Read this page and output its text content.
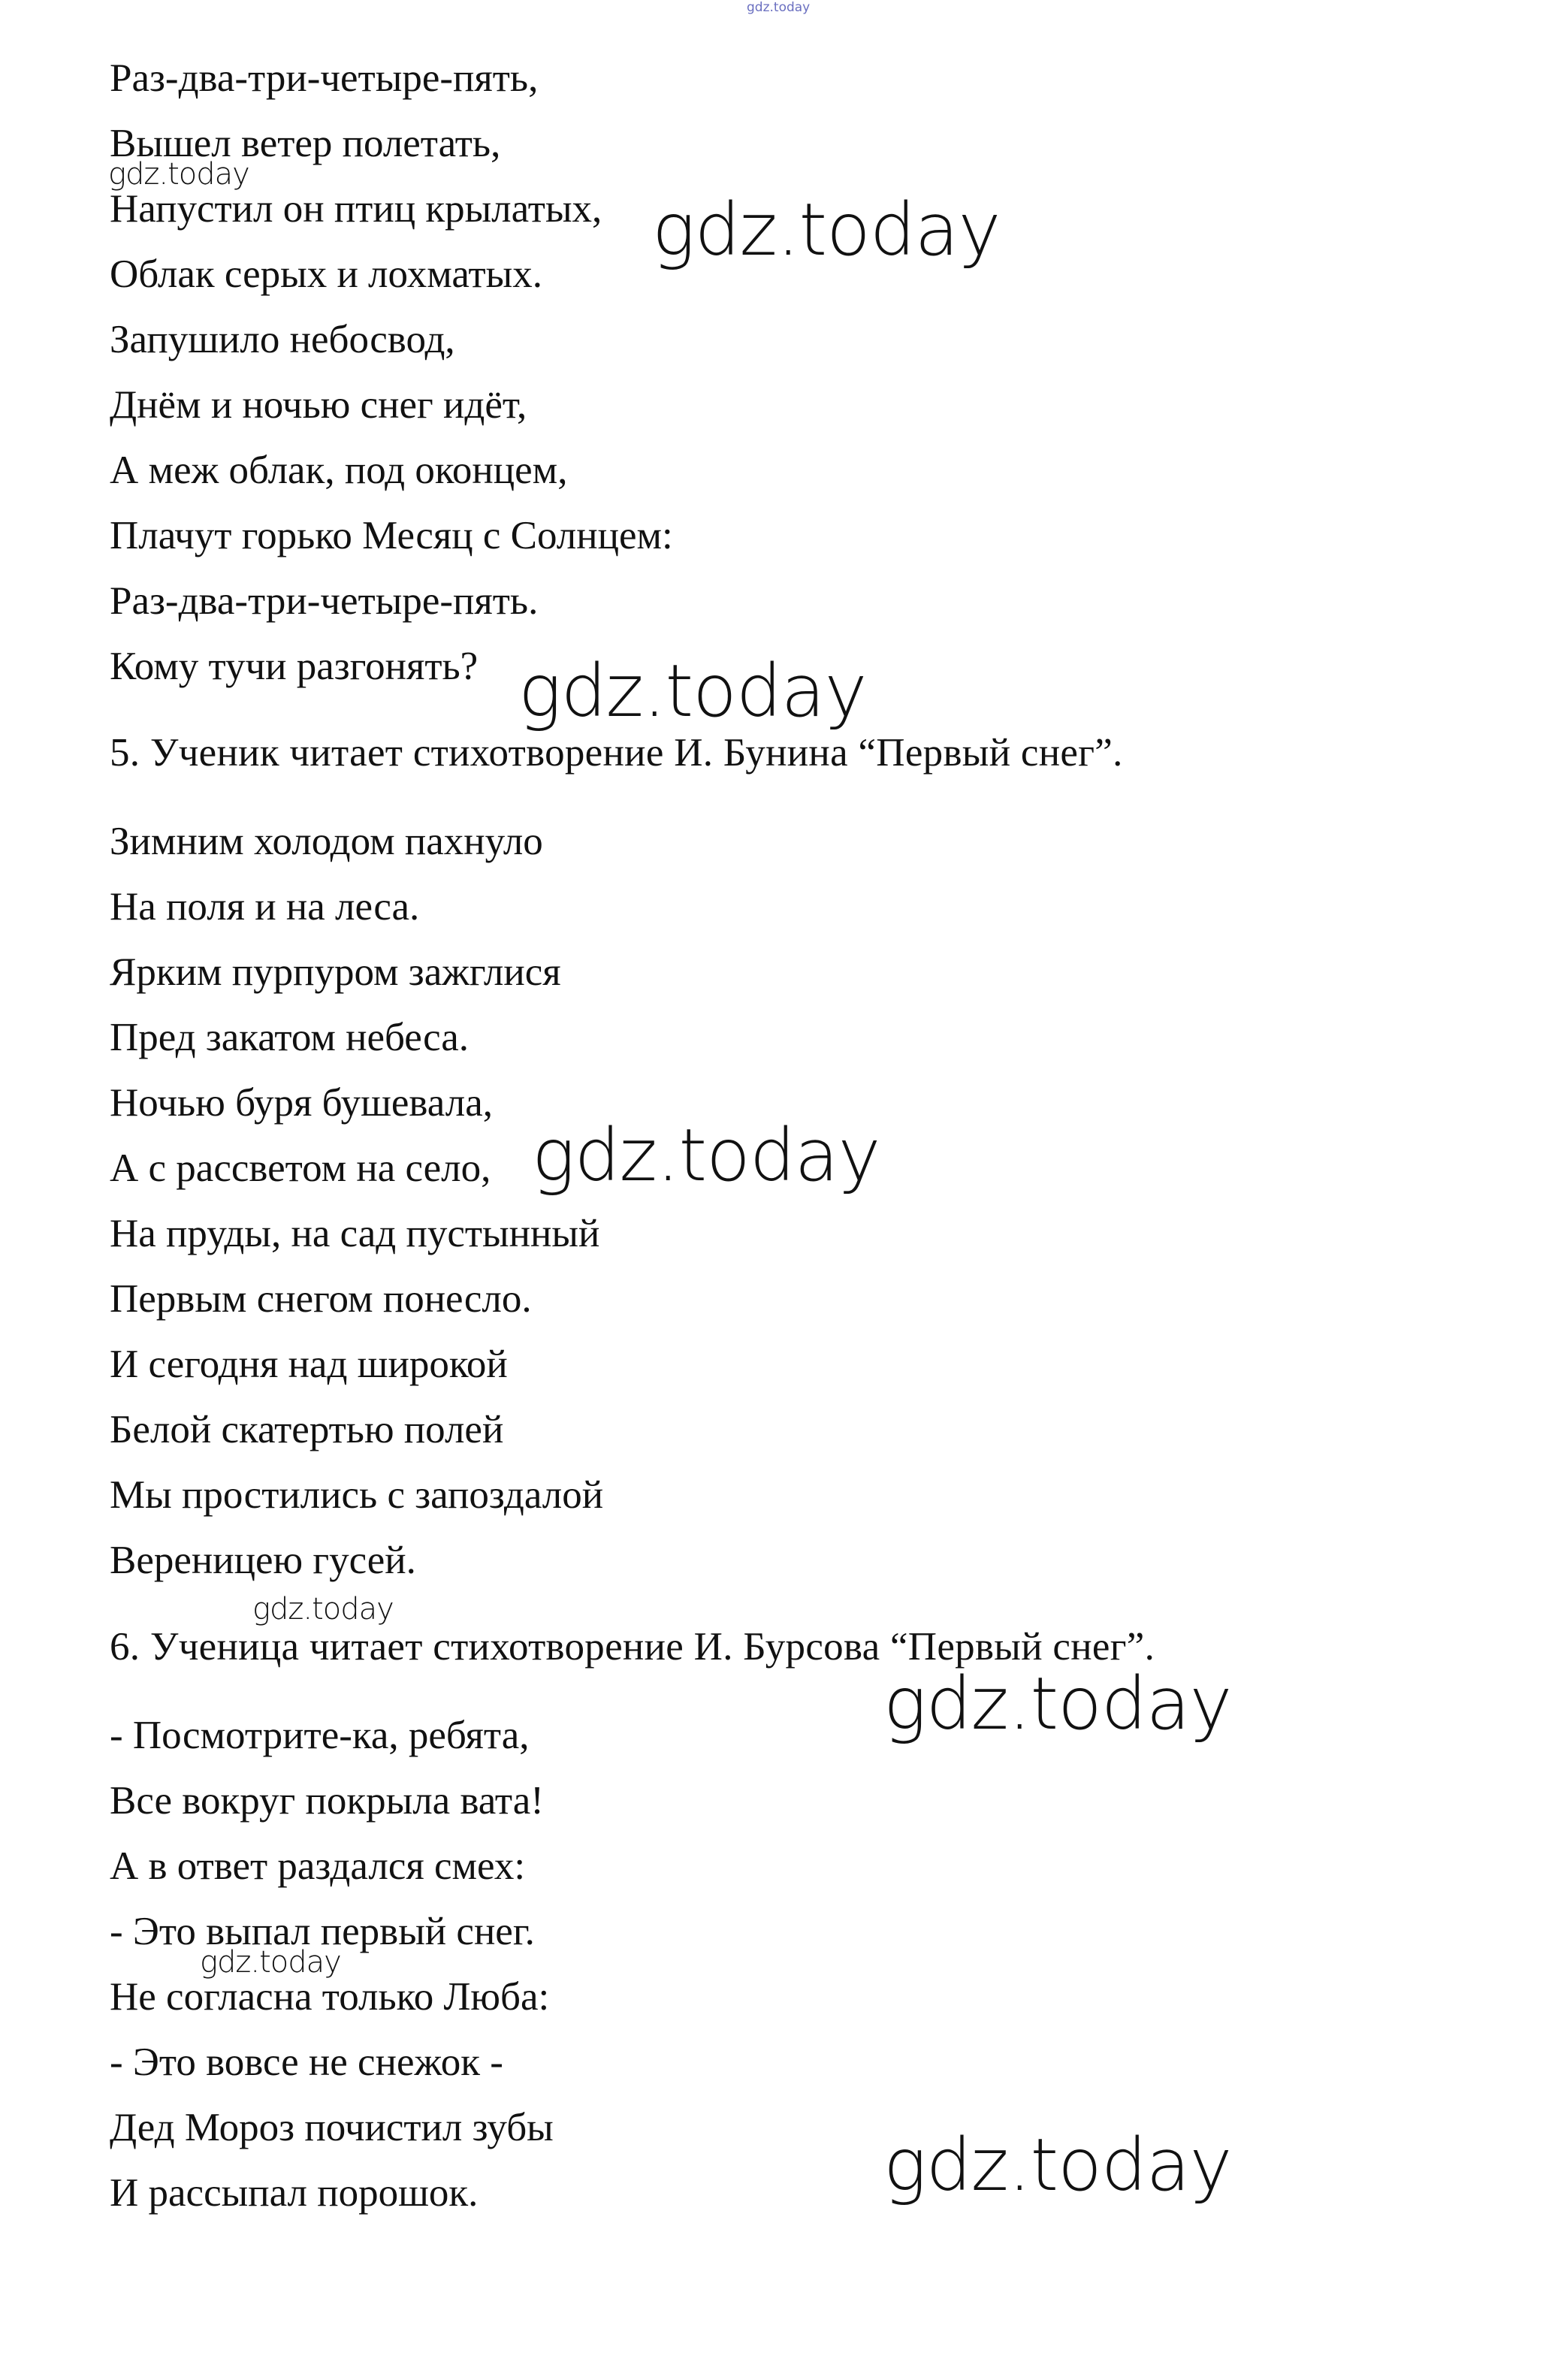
gdz.today

Раз-два-три-четыре-пять,

Вышел ветер полетать,

Напустил он птиц крылатых,

Облак серых и лохматых.

Запушило небосвод,

Днём и ночью снег идёт,

А меж облак, под оконцем,

Плачут горько Месяц с Солнцем:

Раз-два-три-четыре-пять.

Кому тучи разгонять?

5. Ученик читает стихотворение И. Бунина “Первый снег”.

Зимним холодом пахнуло

На поля и на леса.

Ярким пурпуром зажглися

Пред закатом небеса.

Ночью буря бушевала,

А с рассветом на село,

На пруды, на сад пустынный

Первым снегом понесло.

И сегодня над широкой

Белой скатертью полей

Мы простились с запоздалой

Вереницею гусей.

6. Ученица читает стихотворение И. Бурсова “Первый снег”.

- Посмотрите-ка, ребята,

Все вокруг покрыла вата!

А в ответ раздался смех:

- Это выпал первый снег.

Не согласна только Люба:

- Это вовсе не снежок -

Дед Мороз почистил зубы

И рассыпал порошок.

gdz.today
gdz.today
gdz.today
gdz.today
gdz.today
gdz.today
gdz.today
gdz.today
